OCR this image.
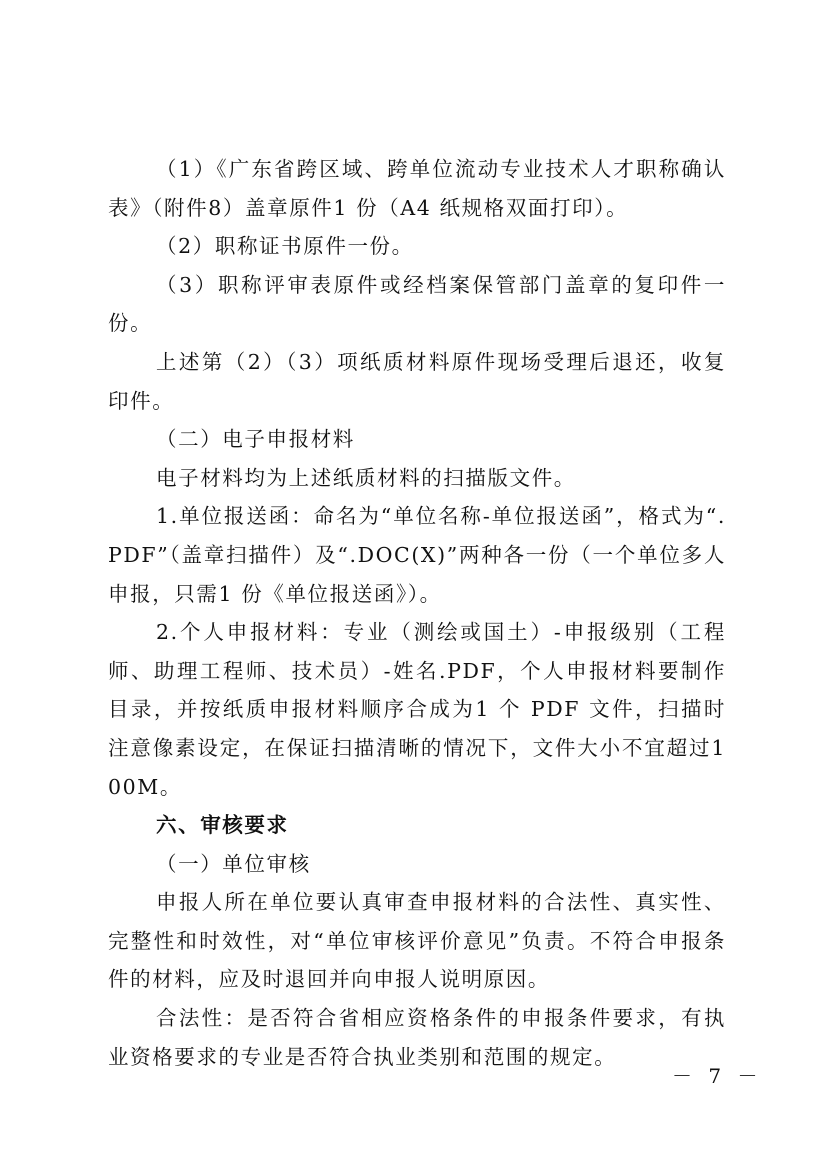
（1）《广东省跨区域、跨单位流动专业技术人才职称确认表》（附件8）盖章原件1 份（A4 纸规格双面打印）。

（2）职称证书原件一份。

（3）职称评审表原件或经档案保管部门盖章的复印件一份。

上述第（2）（3）项纸质材料原件现场受理后退还，收复印件。

（二）电子申报材料

电子材料均为上述纸质材料的扫描版文件。

1.单位报送函：命名为“单位名称-单位报送函”，格式为“.PDF”（盖章扫描件）及“.DOC(X)”两种各一份（一个单位多人申报，只需1 份《单位报送函》）。

2.个人申报材料：专业（测绘或国土）-申报级别（工程师、助理工程师、技术员）-姓名.PDF，个人申报材料要制作目录，并按纸质申报材料顺序合成为1 个 PDF 文件，扫描时注意像素设定，在保证扫描清晰的情况下，文件大小不宜超过100M。

六、审核要求

（一）单位审核

申报人所在单位要认真审查申报材料的合法性、真实性、完整性和时效性，对“单位审核评价意见”负责。不符合申报条件的材料，应及时退回并向申报人说明原因。

合法性：是否符合省相应资格条件的申报条件要求，有执业资格要求的专业是否符合执业类别和范围的规定。

－ 7 －
